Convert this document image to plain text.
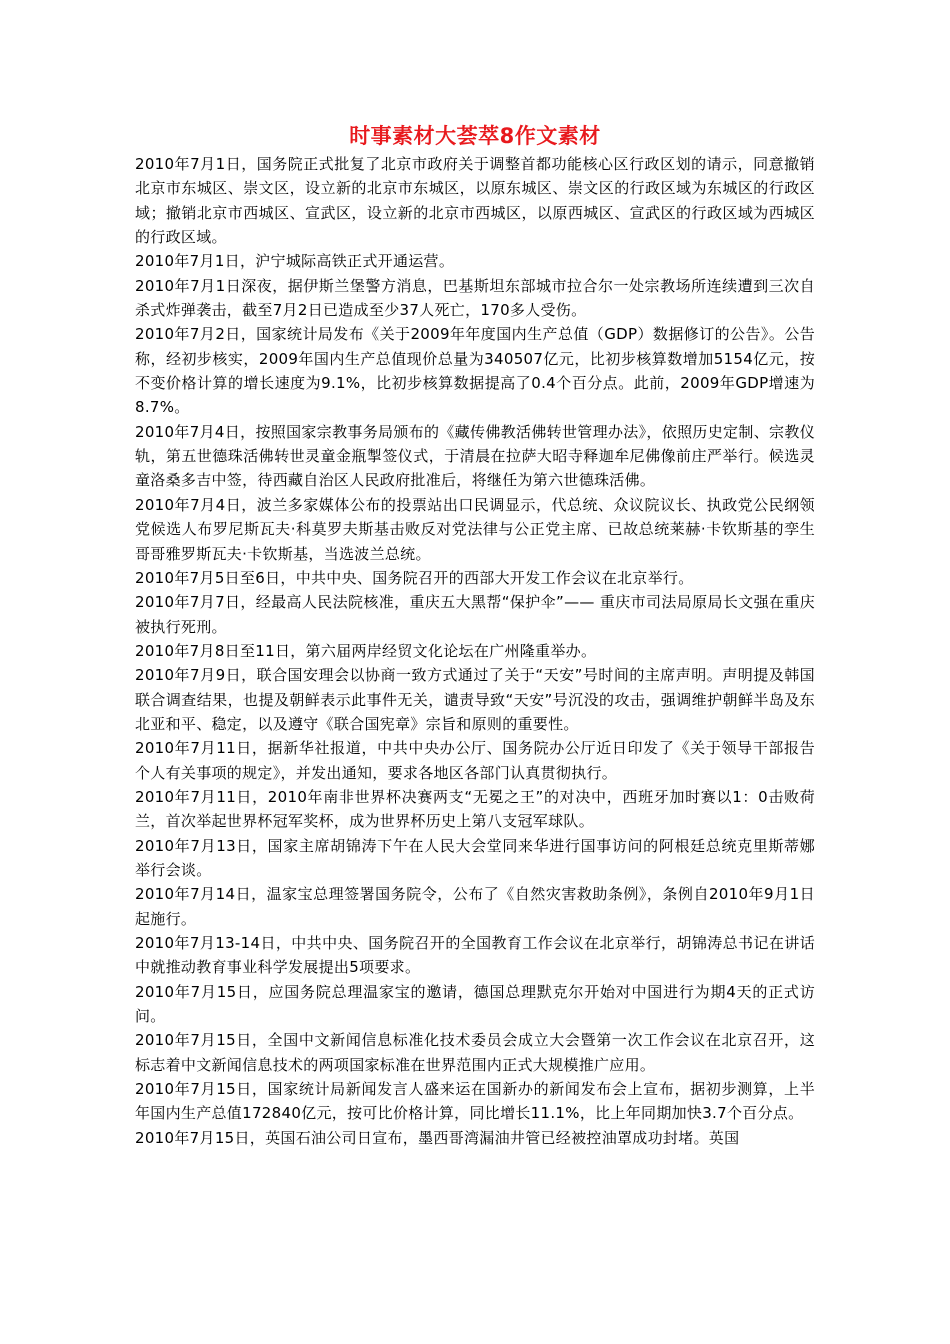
时事素材大荟萃8作文素材

2010年7月1日，国务院正式批复了北京市政府关于调整首都功能核心区行政区划的请示，同意撤销北京市东城区、崇文区，设立新的北京市东城区，以原东城区、崇文区的行政区域为东城区的行政区域；撤销北京市西城区、宣武区，设立新的北京市西城区，以原西城区、宣武区的行政区域为西城区的行政区域。

2010年7月1日，沪宁城际高铁正式开通运营。

2010年7月1日深夜，据伊斯兰堡警方消息，巴基斯坦东部城市拉合尔一处宗教场所连续遭到三次自杀式炸弹袭击，截至7月2日已造成至少37人死亡，170多人受伤。

2010年7月2日，国家统计局发布《关于2009年年度国内生产总值（GDP）数据修订的公告》。公告称，经初步核实，2009年国内生产总值现价总量为340507亿元，比初步核算数增加5154亿元，按不变价格计算的增长速度为9.1%，比初步核算数据提高了0.4个百分点。此前，2009年GDP增速为8.7%。

2010年7月4日，按照国家宗教事务局颁布的《藏传佛教活佛转世管理办法》，依照历史定制、宗教仪轨，第五世德珠活佛转世灵童金瓶掣签仪式，于清晨在拉萨大昭寺释迦牟尼佛像前庄严举行。候选灵童洛桑多吉中签，待西藏自治区人民政府批准后，将继任为第六世德珠活佛。

2010年7月4日，波兰多家媒体公布的投票站出口民调显示，代总统、众议院议长、执政党公民纲领党候选人布罗尼斯瓦夫·科莫罗夫斯基击败反对党法律与公正党主席、已故总统莱赫·卡钦斯基的孪生哥哥雅罗斯瓦夫·卡钦斯基，当选波兰总统。

2010年7月5日至6日，中共中央、国务院召开的西部大开发工作会议在北京举行。

2010年7月7日，经最高人民法院核准，重庆五大黑帮“保护伞”—— 重庆市司法局原局长文强在重庆被执行死刑。

2010年7月8日至11日，第六届两岸经贸文化论坛在广州隆重举办。

2010年7月9日，联合国安理会以协商一致方式通过了关于“天安”号时间的主席声明。声明提及韩国联合调查结果，也提及朝鲜表示此事件无关，谴责导致“天安”号沉没的攻击，强调维护朝鲜半岛及东北亚和平、稳定，以及遵守《联合国宪章》宗旨和原则的重要性。

2010年7月11日，据新华社报道，中共中央办公厅、国务院办公厅近日印发了《关于领导干部报告个人有关事项的规定》，并发出通知，要求各地区各部门认真贯彻执行。

2010年7月11日，2010年南非世界杯决赛两支“无冕之王”的对决中，西班牙加时赛以1：0击败荷兰，首次举起世界杯冠军奖杯，成为世界杯历史上第八支冠军球队。

2010年7月13日，国家主席胡锦涛下午在人民大会堂同来华进行国事访问的阿根廷总统克里斯蒂娜举行会谈。

2010年7月14日，温家宝总理签署国务院令，公布了《自然灾害救助条例》，条例自2010年9月1日起施行。

2010年7月13-14日，中共中央、国务院召开的全国教育工作会议在北京举行，胡锦涛总书记在讲话中就推动教育事业科学发展提出5项要求。

2010年7月15日，应国务院总理温家宝的邀请，德国总理默克尔开始对中国进行为期4天的正式访问。

2010年7月15日，全国中文新闻信息标准化技术委员会成立大会暨第一次工作会议在北京召开，这标志着中文新闻信息技术的两项国家标准在世界范围内正式大规模推广应用。

2010年7月15日，国家统计局新闻发言人盛来运在国新办的新闻发布会上宣布，据初步测算，上半年国内生产总值172840亿元，按可比价格计算，同比增长11.1%，比上年同期加快3.7个百分点。

2010年7月15日，英国石油公司日宣布，墨西哥湾漏油井管已经被控油罩成功封堵。英国
